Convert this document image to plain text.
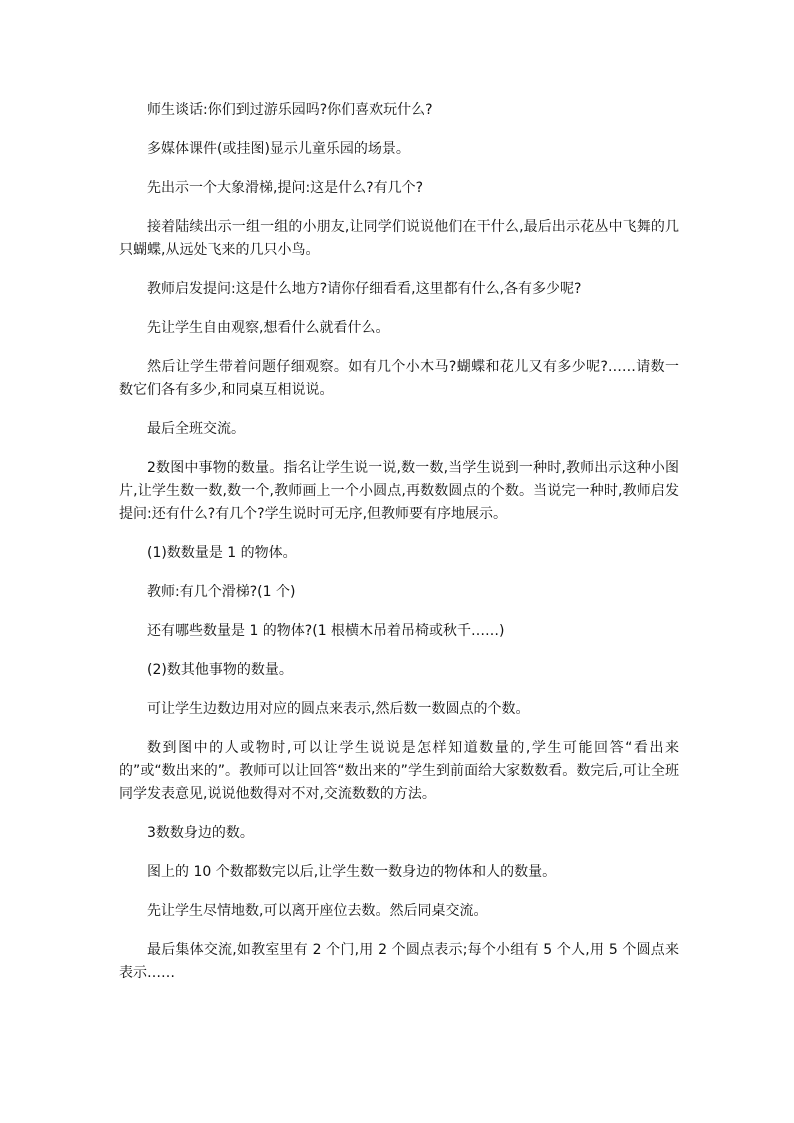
师生谈话:你们到过游乐园吗?你们喜欢玩什么?

多媒体课件(或挂图)显示儿童乐园的场景。

先出示一个大象滑梯,提问:这是什么?有几个?

接着陆续出示一组一组的小朋友,让同学们说说他们在干什么,最后出示花丛中飞舞的几只蝴蝶,从远处飞来的几只小鸟。

教师启发提问:这是什么地方?请你仔细看看,这里都有什么,各有多少呢?

先让学生自由观察,想看什么就看什么。

然后让学生带着问题仔细观察。如有几个小木马?蝴蝶和花儿又有多少呢?……请数一数它们各有多少,和同桌互相说说。

最后全班交流。

2数图中事物的数量。指名让学生说一说,数一数,当学生说到一种时,教师出示这种小图片,让学生数一数,数一个,教师画上一个小圆点,再数数圆点的个数。当说完一种时,教师启发提问:还有什么?有几个?学生说时可无序,但教师要有序地展示。

(1)数数量是 1 的物体。

教师:有几个滑梯?(1 个)

还有哪些数量是 1 的物体?(1 根横木吊着吊椅或秋千……)

(2)数其他事物的数量。

可让学生边数边用对应的圆点来表示,然后数一数圆点的个数。

数到图中的人或物时,可以让学生说说是怎样知道数量的,学生可能回答“看出来的”或“数出来的”。教师可以让回答“数出来的”学生到前面给大家数数看。数完后,可让全班同学发表意见,说说他数得对不对,交流数数的方法。

3数数身边的数。

图上的 10 个数都数完以后,让学生数一数身边的物体和人的数量。

先让学生尽情地数,可以离开座位去数。然后同桌交流。

最后集体交流,如教室里有 2 个门,用 2 个圆点表示;每个小组有 5 个人,用 5 个圆点来表示……
